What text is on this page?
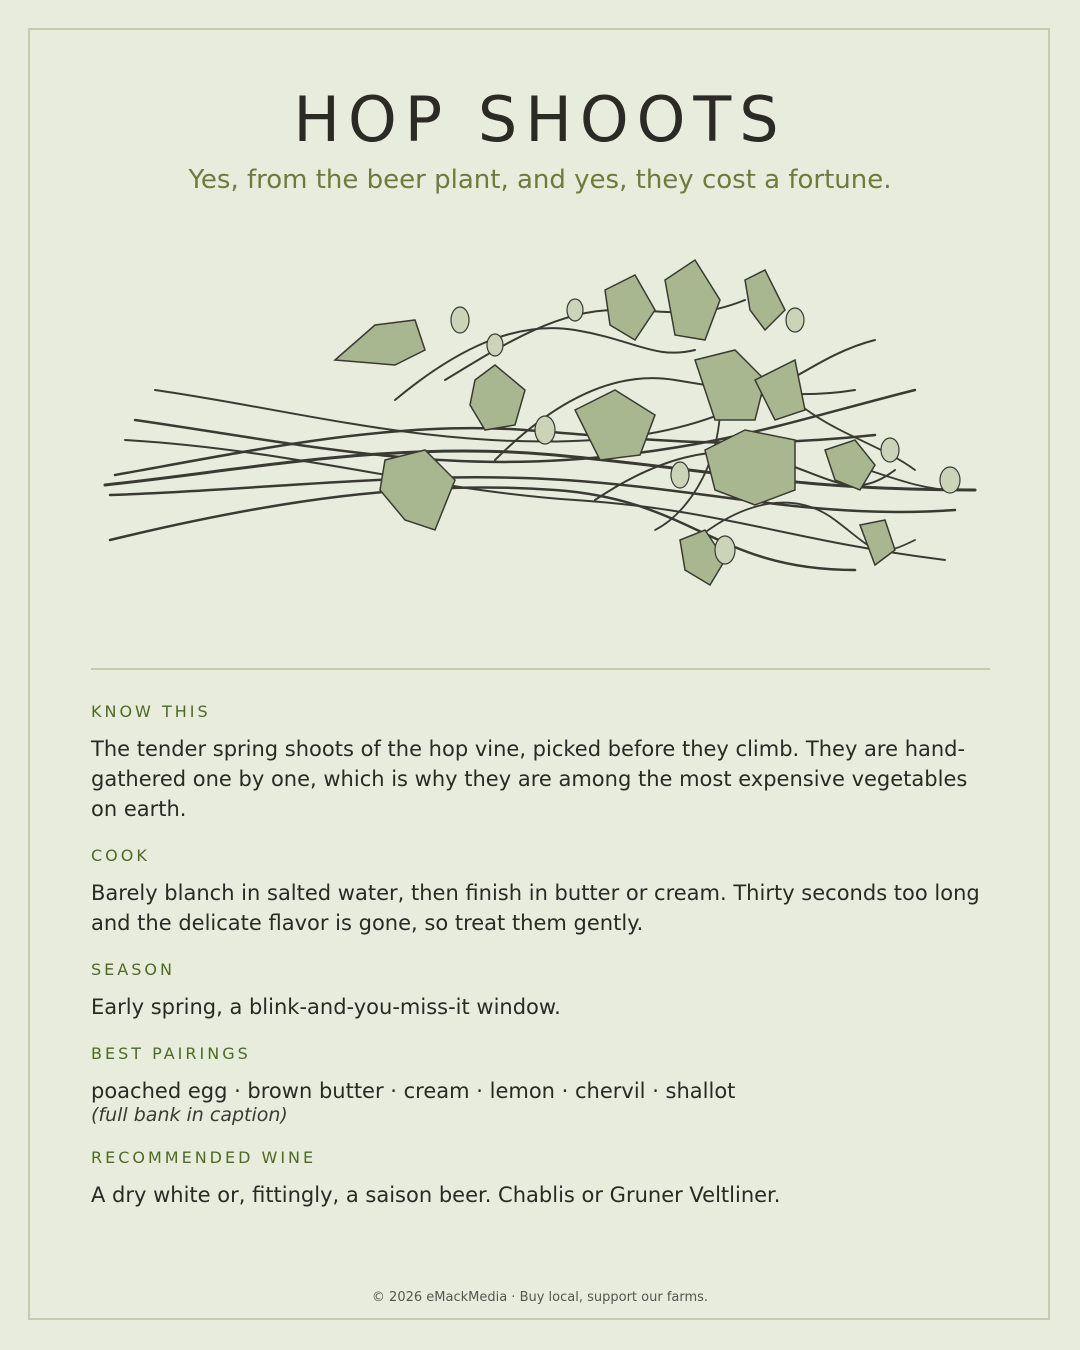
HOP SHOOTS
Yes, from the beer plant, and yes, they cost a fortune.
KNOW THIS

The tender spring shoots of the hop vine, picked before they climb. They are hand-gathered one by one, which is why they are among the most expensive vegetables on earth.

COOK

Barely blanch in salted water, then finish in butter or cream. Thirty seconds too long and the delicate flavor is gone, so treat them gently.

SEASON

Early spring, a blink-and-you-miss-it window.

BEST PAIRINGS

poached egg · brown butter · cream · lemon · chervil · shallot

(full bank in caption)
RECOMMENDED WINE

A dry white or, fittingly, a saison beer. Chablis or Gruner Veltliner.

© 2026 eMackMedia · Buy local, support our farms.
